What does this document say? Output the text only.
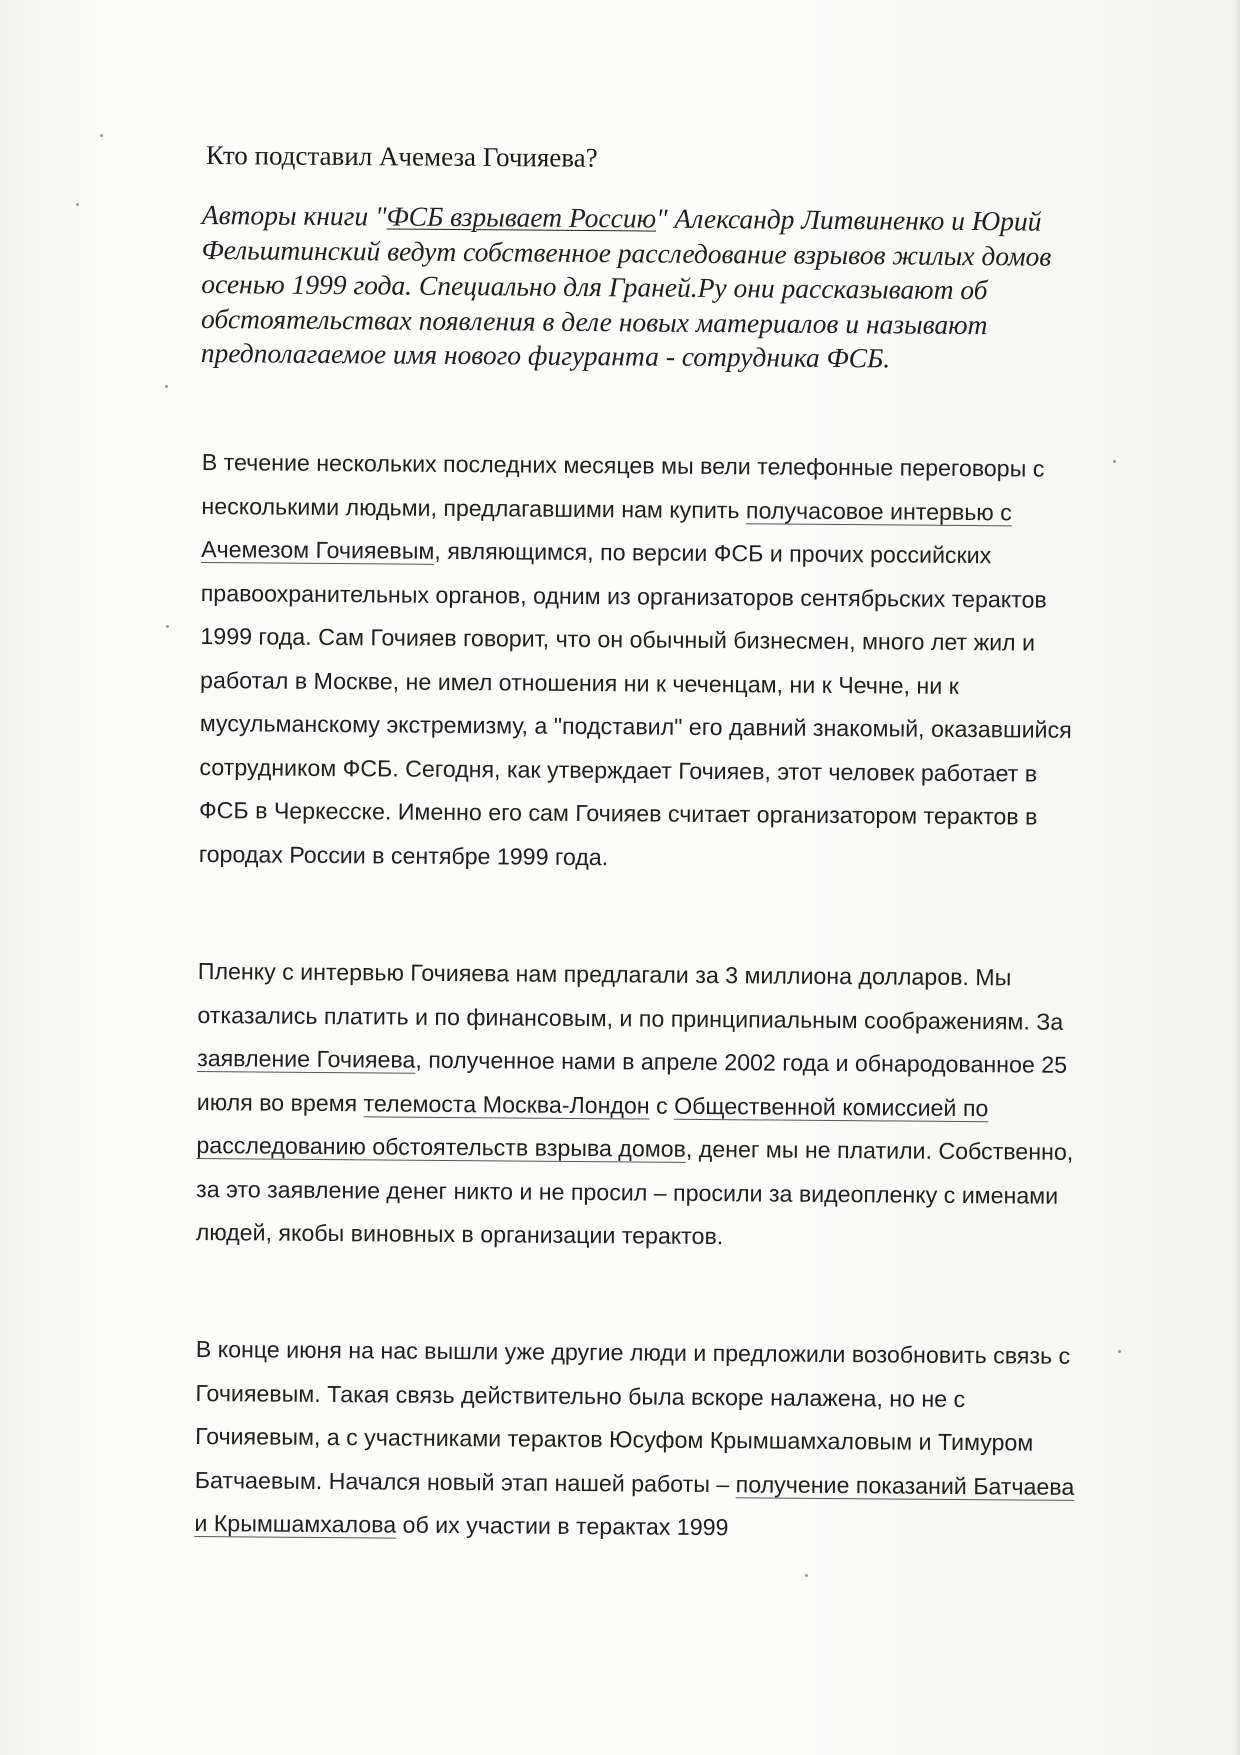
Кто подставил Ачемеза Гочияева?

Авторы книги "ФСБ взрывает Россию" Александр Литвиненко и Юрий Фельштинский ведут собственное расследование взрывов жилых домов осенью 1999 года. Специально для Граней.Ру они рассказывают об обстоятельствах появления в деле новых материалов и называют предполагаемое имя нового фигуранта - сотрудника ФСБ.

В течение нескольких последних месяцев мы вели телефонные переговоры с несколькими людьми, предлагавшими нам купить получасовое интервью с Ачемезом Гочияевым, являющимся, по версии ФСБ и прочих российских правоохранительных органов, одним из организаторов сентябрьских терактов 1999 года. Сам Гочияев говорит, что он обычный бизнесмен, много лет жил и работал в Москве, не имел отношения ни к чеченцам, ни к Чечне, ни к мусульманскому экстремизму, а "подставил" его давний знакомый, оказавшийся сотрудником ФСБ. Сегодня, как утверждает Гочияев, этот человек работает в ФСБ в Черкесске. Именно его сам Гочияев считает организатором терактов в городах России в сентябре 1999 года.

Пленку с интервью Гочияева нам предлагали за 3 миллиона долларов. Мы отказались платить и по финансовым, и по принципиальным соображениям. За заявление Гочияева, полученное нами в апреле 2002 года и обнародованное 25 июля во время телемоста Москва-Лондон с Общественной комиссией по расследованию обстоятельств взрыва домов, денег мы не платили. Собственно, за это заявление денег никто и не просил – просили за видеопленку с именами людей, якобы виновных в организации терактов.

В конце июня на нас вышли уже другие люди и предложили возобновить связь с Гочияевым. Такая связь действительно была вскоре налажена, но не с Гочияевым, а с участниками терактов Юсуфом Крымшамхаловым и Тимуром Батчаевым. Начался новый этап нашей работы – получение показаний Батчаева и Крымшамхалова об их участии в терактах 1999
